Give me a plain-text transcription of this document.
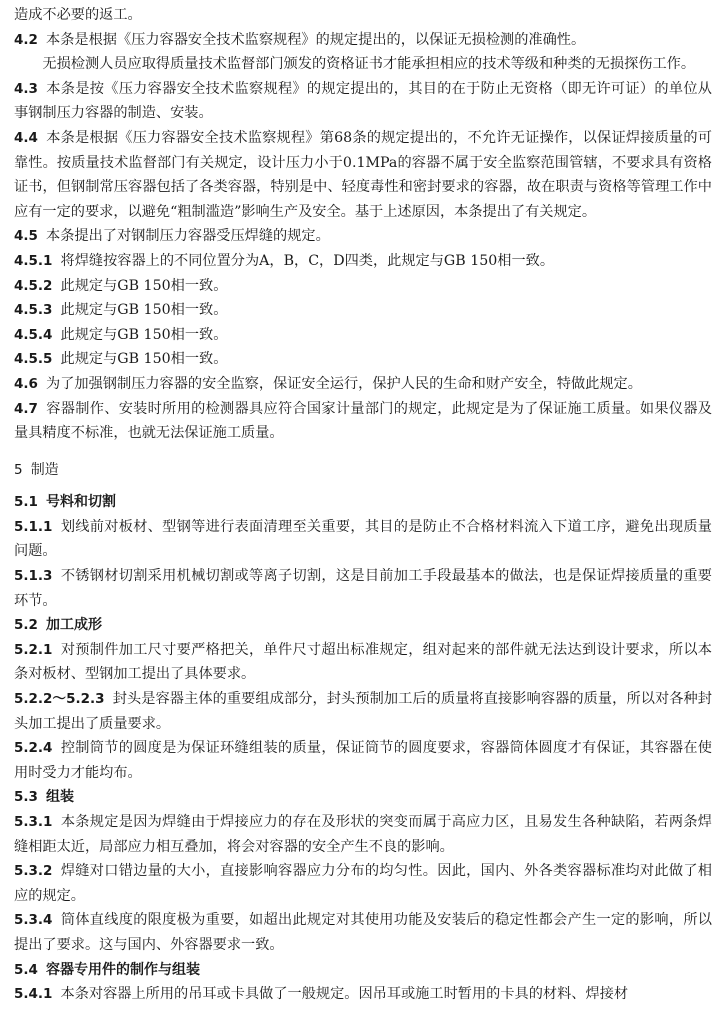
造成不必要的返工。

4.2 本条是根据《压力容器安全技术监察规程》的规定提出的，以保证无损检测的准确性。

无损检测人员应取得质量技术监督部门颁发的资格证书才能承担相应的技术等级和种类的无损探伤工作。

4.3 本条是按《压力容器安全技术监察规程》的规定提出的，其目的在于防止无资格（即无许可证）的单位从事钢制压力容器的制造、安装。

4.4 本条是根据《压力容器安全技术监察规程》第68条的规定提出的，不允许无证操作，以保证焊接质量的可靠性。按质量技术监督部门有关规定，设计压力小于0.1MPa的容器不属于安全监察范围管辖，不要求具有资格证书，但钢制常压容器包括了各类容器，特别是中、轻度毒性和密封要求的容器，故在职责与资格等管理工作中应有一定的要求，以避免“粗制滥造”影响生产及安全。基于上述原因，本条提出了有关规定。

4.5 本条提出了对钢制压力容器受压焊缝的规定。

4.5.1 将焊缝按容器上的不同位置分为A，B，C，D四类，此规定与GB 150相一致。

4.5.2 此规定与GB 150相一致。

4.5.3 此规定与GB 150相一致。

4.5.4 此规定与GB 150相一致。

4.5.5 此规定与GB 150相一致。

4.6 为了加强钢制压力容器的安全监察，保证安全运行，保护人民的生命和财产安全，特做此规定。

4.7 容器制作、安装时所用的检测器具应符合国家计量部门的规定，此规定是为了保证施工质量。如果仪器及量具精度不标准，也就无法保证施工质量。

5 制造

5.1 号料和切割

5.1.1 划线前对板材、型钢等进行表面清理至关重要，其目的是防止不合格材料流入下道工序，避免出现质量问题。

5.1.3 不锈钢材切割采用机械切割或等离子切割，这是目前加工手段最基本的做法，也是保证焊接质量的重要环节。

5.2 加工成形

5.2.1 对预制件加工尺寸要严格把关，单件尺寸超出标准规定，组对起来的部件就无法达到设计要求，所以本条对板材、型钢加工提出了具体要求。

5.2.2～5.2.3 封头是容器主体的重要组成部分，封头预制加工后的质量将直接影响容器的质量，所以对各种封头加工提出了质量要求。

5.2.4 控制筒节的圆度是为保证环缝组装的质量，保证筒节的圆度要求，容器筒体圆度才有保证，其容器在使用时受力才能均布。

5.3 组装

5.3.1 本条规定是因为焊缝由于焊接应力的存在及形状的突变而属于高应力区，且易发生各种缺陷，若两条焊缝相距太近，局部应力相互叠加，将会对容器的安全产生不良的影响。

5.3.2 焊缝对口错边量的大小，直接影响容器应力分布的均匀性。因此，国内、外各类容器标准均对此做了相应的规定。

5.3.4 筒体直线度的限度极为重要，如超出此规定对其使用功能及安装后的稳定性都会产生一定的影响，所以提出了要求。这与国内、外容器要求一致。

5.4 容器专用件的制作与组装

5.4.1 本条对容器上所用的吊耳或卡具做了一般规定。因吊耳或施工时暂用的卡具的材料、焊接材
